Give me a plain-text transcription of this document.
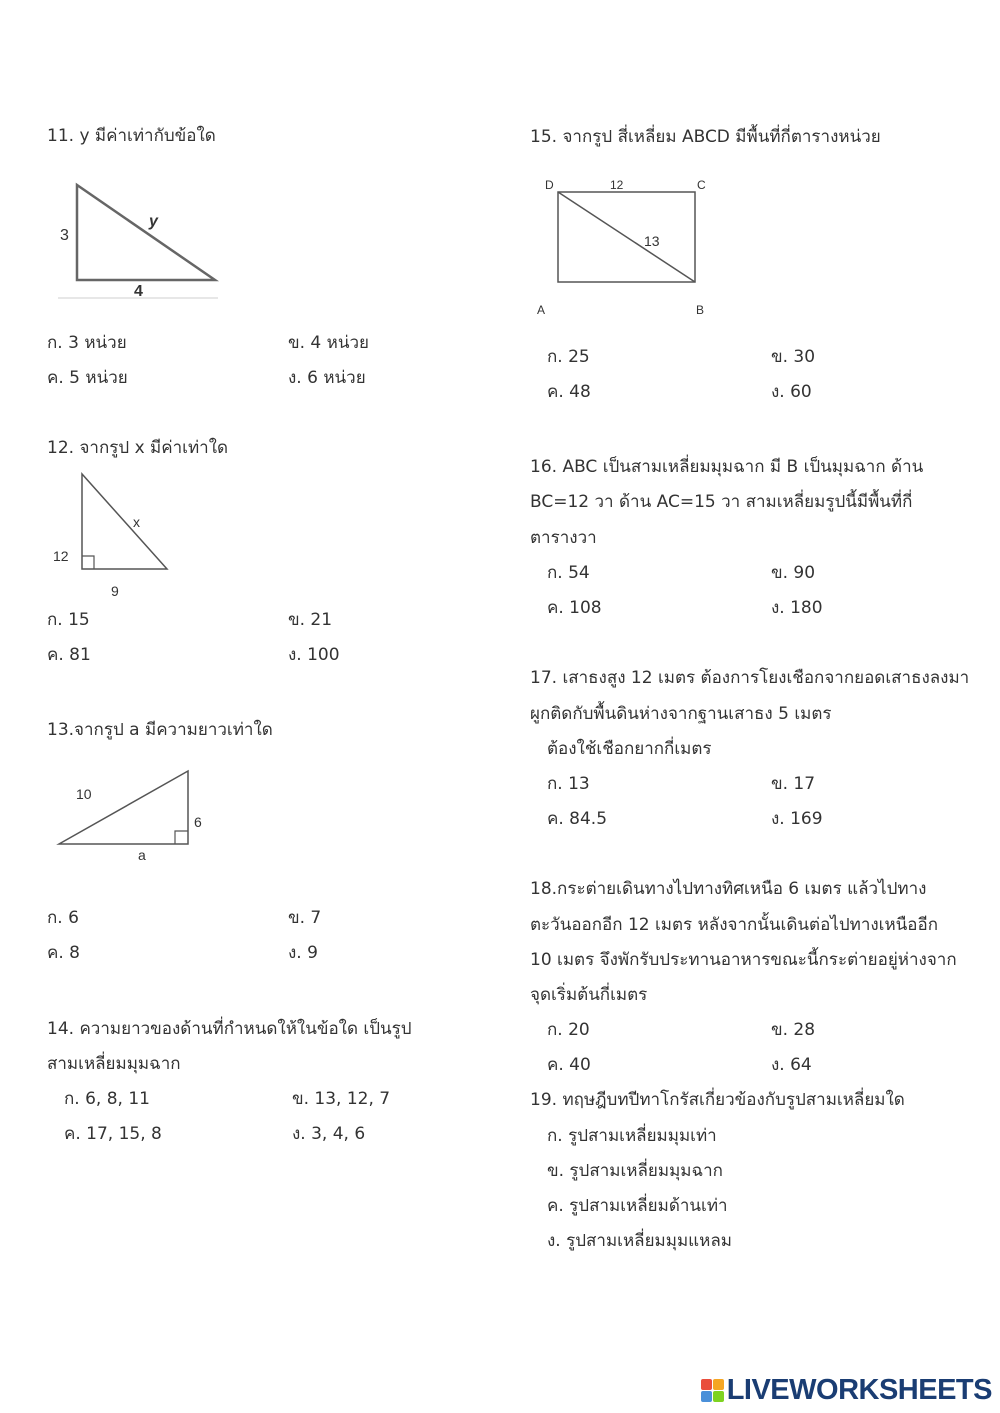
11. y มีค่าเท่ากับข้อใด
3
y
4
ก. 3 หน่วย	ข. 4 หน่วย
ค. 5 หน่วย	ง. 6 หน่วย
12. จากรูป x มีค่าเท่าใด
12
x
9
ก. 15	ข. 21
ค. 81	ง. 100
13.จากรูป a มีความยาวเท่าใด
10
6
a
ก. 6	ข. 7
ค. 8	ง. 9
14. ความยาวของด้านที่กำหนดให้ในข้อใด เป็นรูป
สามเหลี่ยมมุมฉาก
ก. 6, 8, 11	ข. 13, 12, 7
ค. 17, 15, 8	ง. 3, 4, 6
15. จากรูป สี่เหลี่ยม ABCD มีพื้นที่กี่ตารางหน่วย
D	12	C
13
A	B
ก. 25	ข. 30
ค. 48	ง. 60
16. ABC เป็นสามเหลี่ยมมุมฉาก มี B เป็นมุมฉาก ด้าน
BC=12 วา ด้าน AC=15 วา สามเหลี่ยมรูปนี้มีพื้นที่กี่
ตารางวา
ก. 54	ข. 90
ค. 108	ง. 180
17. เสาธงสูง 12 เมตร ต้องการโยงเชือกจากยอดเสาธงลงมา
ผูกติดกับพื้นดินห่างจากฐานเสาธง 5 เมตร
ต้องใช้เชือกยากกี่เมตร
ก. 13	ข. 17
ค. 84.5	ง. 169
18.กระต่ายเดินทางไปทางทิศเหนือ 6 เมตร แล้วไปทาง
ตะวันออกอีก 12 เมตร หลังจากนั้นเดินต่อไปทางเหนืออีก
10 เมตร จึงพักรับประทานอาหารขณะนี้กระต่ายอยู่ห่างจาก
จุดเริ่มต้นกี่เมตร
ก. 20	ข. 28
ค. 40	ง. 64
19. ทฤษฎีบทปีทาโกรัสเกี่ยวข้องกับรูปสามเหลี่ยมใด
ก. รูปสามเหลี่ยมมุมเท่า
ข. รูปสามเหลี่ยมมุมฉาก
ค. รูปสามเหลี่ยมด้านเท่า
ง. รูปสามเหลี่ยมมุมแหลม
LIVEWORKSHEETS
